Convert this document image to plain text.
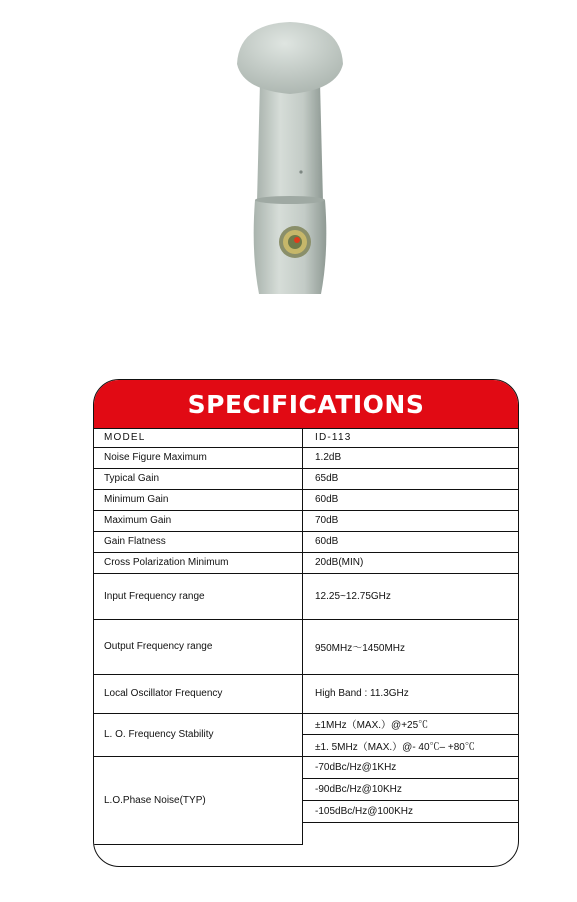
SPECIFICATIONS
MODEL	ID-113
Noise Figure Maximum	1.2dB
Typical Gain	65dB
Minimum Gain	60dB
Maximum Gain	70dB
Gain Flatness	60dB
Cross Polarization Minimum	20dB(MIN)
Input Frequency range	12.25~12.75GHz
Output Frequency range	950MHz～1450MHz
Local Oscillator Frequency	High Band : 11.3GHz
L. O. Frequency Stability	±1MHz（MAX.）@+25℃
	±1. 5MHz（MAX.）@- 40℃– +80℃
L.O.Phase Noise(TYP)	-70dBc/Hz@1KHz
	-90dBc/Hz@10KHz
	-105dBc/Hz@100KHz
